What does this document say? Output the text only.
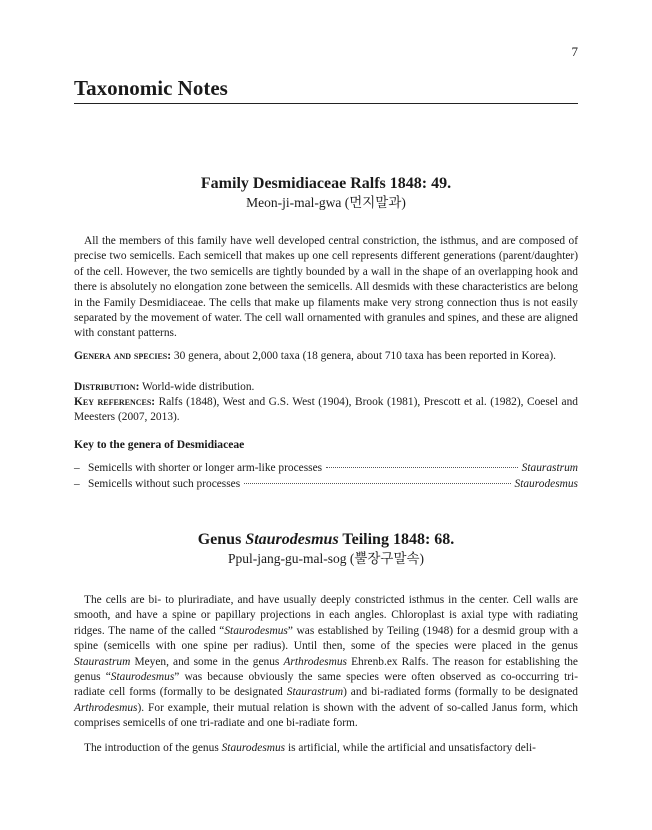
7
Taxonomic Notes
Family Desmidiaceae Ralfs 1848: 49.
Meon-ji-mal-gwa (먼지말과)

All the members of this family have well developed central constriction, the isthmus, and are composed of precise two semicells. Each semicell that makes up one cell represents different generations (parent/daughter) of the cell. However, the two semicells are tightly bounded by a wall in the shape of an overlapping hook and there is absolutely no elongation zone between the semicells. All desmids with these characteristics are belong in the Family Desmidiaceae. The cells that make up filaments make very strong connection thus is not easily separated by the movement of water. The cell wall ornamented with granules and spines, and these are aligned with constant patterns.

Genera and species: 30 genera, about 2,000 taxa (18 genera, about 710 taxa has been reported in Korea).
Distribution: World-wide distribution.
Key references: Ralfs (1848), West and G.S. West (1904), Brook (1981), Prescott et al. (1982), Coesel and Meesters (2007, 2013).

Key to the genera of Desmidiaceae

– Semicells with shorter or longer arm-like processes	Staurastrum
– Semicells without such processes	Staurodesmus
Genus Staurodesmus Teiling 1848: 68.
Ppul-jang-gu-mal-sog (뿔장구말속)

The cells are bi- to pluriradiate, and have usually deeply constricted isthmus in the center. Cell walls are smooth, and have a spine or papillary projections in each angles. Chloroplast is axial type with radiating ridges. The name of the called “Staurodesmus” was established by Teiling (1948) for a desmid group with a spine (semicells with one spine per radius). Until then, some of the species were placed in the genus Staurastrum Meyen, and some in the genus Arthrodesmus Ehrenb.ex Ralfs. The reason for establishing the genus “Staurodesmus” was because obviously the same species were often observed as co-occurring tri-radiate cell forms (formally to be designated Staurastrum) and bi-radiated forms (formally to be designated Arthrodesmus). For example, their mutual relation is shown with the advent of so-called Janus form, which comprises semicells of one tri-radiate and one bi-radiate form.

The introduction of the genus Staurodesmus is artificial, while the artificial and unsatisfactory deli-
